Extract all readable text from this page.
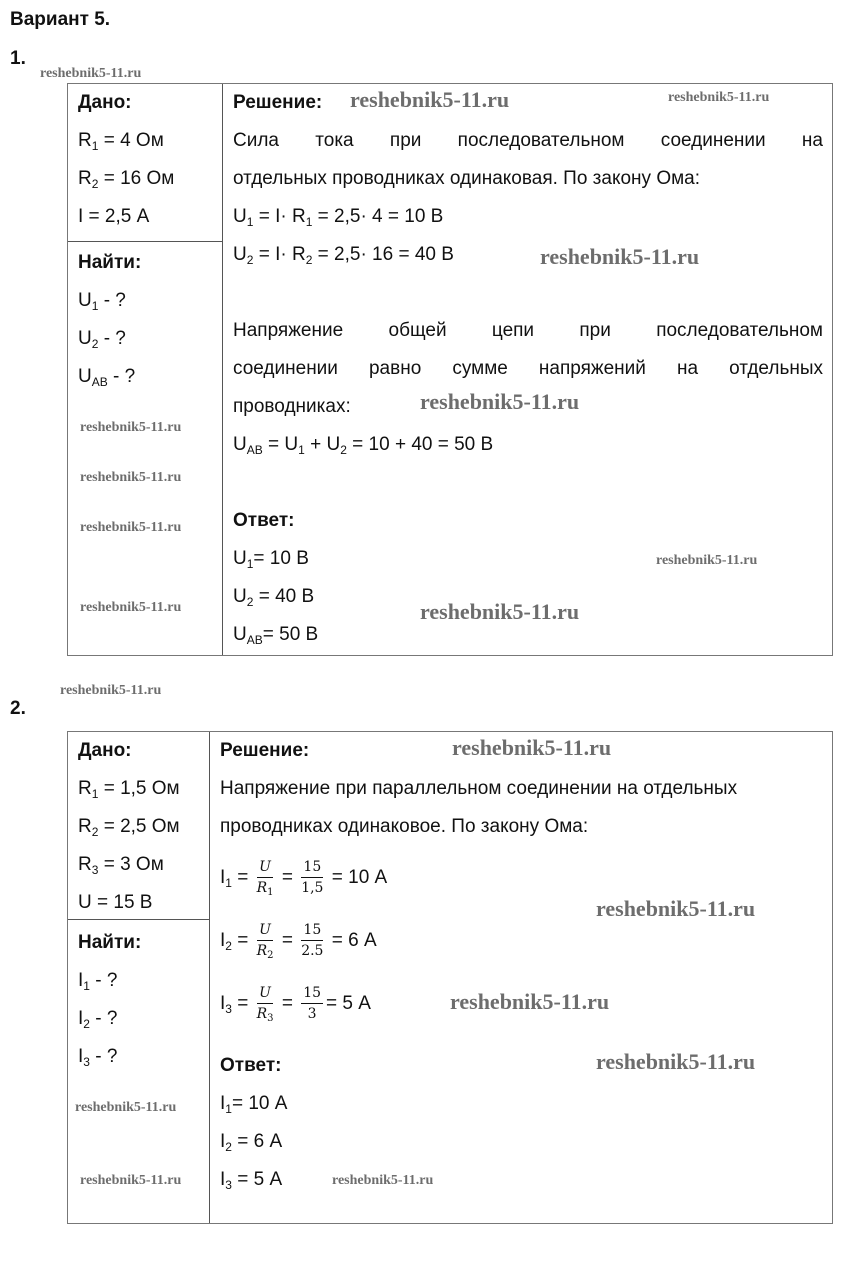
Вариант 5.
1.
2.
Дано:
$R_1 = 4$ Ом
$R_2 = 16$ Ом
I = 2,5 А
Найти:
$U_1$ - ?
$U_2$ - ?
$U_{AB}$ - ?
Решение:
Сила тока при последовательном соединении на
отдельных проводниках одинаковая. По закону Ома:
$U_1 = I\cdot R_1 = 2,5\cdot 4 = 10$ В
$U_2 = I\cdot R_2 = 2,5\cdot 16 = 40$ В
Напряжение общей цепи при последовательном
соединении равно сумме напряжений на отдельных
проводниках:
$U_{AB} = U_1 + U_2 = 10 + 40 = 50$ В
Ответ:
$U_1= 10$ В
$U_2 = 40$ В
$U_{AB}= 50$ В
Дано:
$R_1 = 1,5$ Ом
$R_2 = 2,5$ Ом
$R_3 = 3$ Ом
U = 15 В
Найти:
$I_1$ - ?
$I_2$ - ?
$I_3$ - ?
Решение:
Напряжение при параллельном соединении на отдельных
проводниках одинаковое. По закону Ома:
$I_1 = \frac{U}{R_1} = \frac{15}{1,5} = 10$ А
$I_2 = \frac{U}{R_2} = \frac{15}{2.5} = 6$ А
$I_3 = \frac{U}{R_3} = \frac{15}{3} = 5$ А
Ответ:
$I_1= 10$ А
$I_2 = 6$ А
$I_3 = 5$ А
reshebnik5-11.ru
reshebnik5-11.ru	reshebnik5-11.ru
reshebnik5-11.ru
reshebnik5-11.ru
reshebnik5-11.ru
reshebnik5-11.ru
reshebnik5-11.ru
reshebnik5-11.ru
reshebnik5-11.ru	reshebnik5-11.ru
reshebnik5-11.ru
reshebnik5-11.ru
reshebnik5-11.ru
reshebnik5-11.ru
reshebnik5-11.ru
reshebnik5-11.ru
reshebnik5-11.ru	reshebnik5-11.ru
